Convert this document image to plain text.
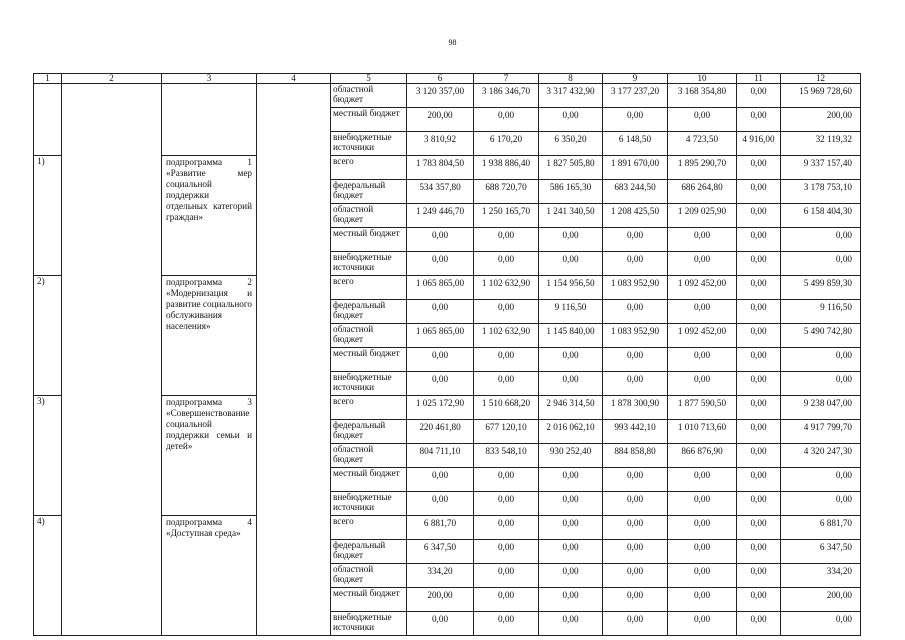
98
1	2	3	4	5	6	7	8	9	10	11	12
				областной бюджет	3 120 357,00	3 186 346,70	3 317 432,90	3 177 237,20	3 168 354,80	0,00	15 969 728,60
				местный бюджет	200,00	0,00	0,00	0,00	0,00	0,00	200,00
				внебюджетные источники	3 810,92	6 170,20	6 350,20	6 148,50	4 723,50	4 916,00	32 119,32
1)		подпрограмма 1 «Развитие мер социальной поддержки отдельных категорий граждан»		всего	1 783 804,50	1 938 886,40	1 827 505,80	1 891 670,00	1 895 290,70	0,00	9 337 157,40
				федеральный бюджет	534 357,80	688 720,70	586 165,30	683 244,50	686 264,80	0,00	3 178 753,10
				областной бюджет	1 249 446,70	1 250 165,70	1 241 340,50	1 208 425,50	1 209 025,90	0,00	6 158 404,30
				местный бюджет	0,00	0,00	0,00	0,00	0,00	0,00	0,00
				внебюджетные источники	0,00	0,00	0,00	0,00	0,00	0,00	0,00
2)		подпрограмма 2 «Модернизация и развитие социального обслуживания населения»		всего	1 065 865,00	1 102 632,90	1 154 956,50	1 083 952,90	1 092 452,00	0,00	5 499 859,30
				федеральный бюджет	0,00	0,00	9 116,50	0,00	0,00	0,00	9 116,50
				областной бюджет	1 065 865,00	1 102 632,90	1 145 840,00	1 083 952,90	1 092 452,00	0,00	5 490 742,80
				местный бюджет	0,00	0,00	0,00	0,00	0,00	0,00	0,00
				внебюджетные источники	0,00	0,00	0,00	0,00	0,00	0,00	0,00
3)		подпрограмма 3 «Совершенствование социальной поддержки семьи и детей»		всего	1 025 172,90	1 510 668,20	2 946 314,50	1 878 300,90	1 877 590,50	0,00	9 238 047,00
				федеральный бюджет	220 461,80	677 120,10	2 016 062,10	993 442,10	1 010 713,60	0,00	4 917 799,70
				областной бюджет	804 711,10	833 548,10	930 252,40	884 858,80	866 876,90	0,00	4 320 247,30
				местный бюджет	0,00	0,00	0,00	0,00	0,00	0,00	0,00
				внебюджетные источники	0,00	0,00	0,00	0,00	0,00	0,00	0,00
4)		подпрограмма 4 «Доступная среда»		всего	6 881,70	0,00	0,00	0,00	0,00	0,00	6 881,70
				федеральный бюджет	6 347,50	0,00	0,00	0,00	0,00	0,00	6 347,50
				областной бюджет	334,20	0,00	0,00	0,00	0,00	0,00	334,20
				местный бюджет	200,00	0,00	0,00	0,00	0,00	0,00	200,00
				внебюджетные источники	0,00	0,00	0,00	0,00	0,00	0,00	0,00
